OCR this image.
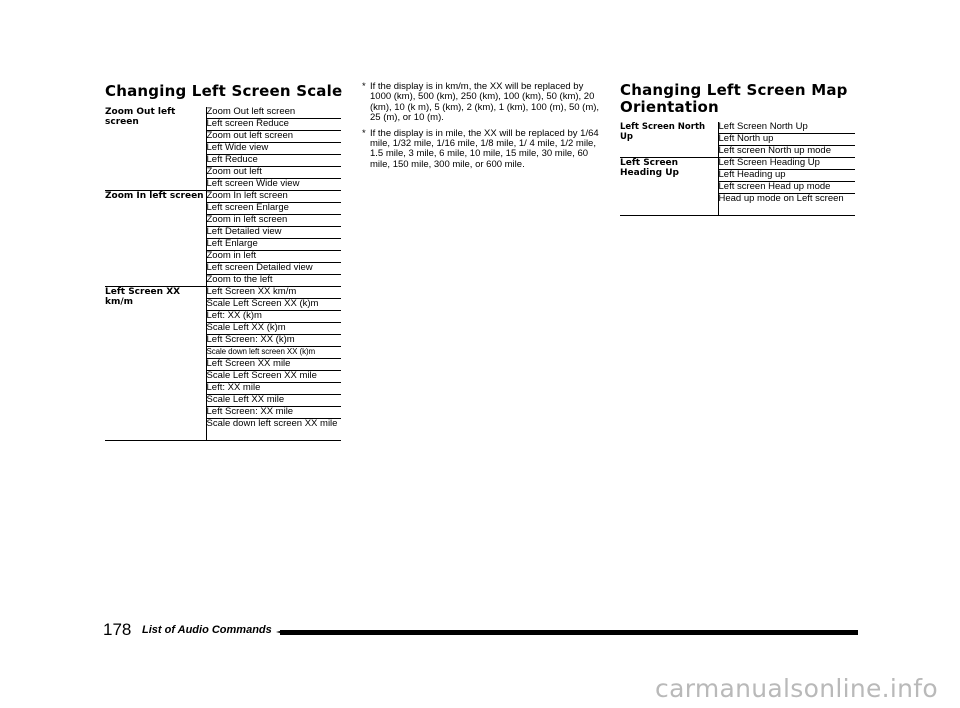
Changing Left Screen Scale
Zoom Out left screen	Zoom Out left screen
	Left screen Reduce
	Zoom out left screen
	Left Wide view
	Left Reduce
	Zoom out left
	Left screen Wide view
Zoom In left screen	Zoom In left screen
	Left screen Enlarge
	Zoom in left screen
	Left Detailed view
	Left Enlarge
	Zoom in left
	Left screen Detailed view
	Zoom to the left
Left Screen XX km/m	Left Screen XX km/m
	Scale Left Screen XX (k)m
	Left: XX (k)m
	Scale Left XX (k)m
	Left Screen: XX (k)m
	Scale down left screen XX (k)m
	Left Screen XX mile
	Scale Left Screen XX mile
	Left: XX mile
	Scale Left XX mile
	Left Screen: XX mile
	Scale down left screen XX mile
* If the display is in km/m, the XX will be replaced by 1000 (km), 500 (km), 250 (km), 100 (km), 50 (km), 20 (km), 10 (k m), 5 (km), 2 (km), 1 (km), 100 (m), 50 (m), 25 (m), or 10 (m).
* If the display is in mile, the XX will be replaced by 1/64 mile, 1/32 mile, 1/16 mile, 1/8 mile, 1/ 4 mile, 1/2 mile, 1.5 mile, 3 mile, 6 mile, 10 mile, 15 mile, 30 mile, 60 mile, 150 mile, 300 mile, or 600 mile.
Changing Left Screen Map Orientation
Left Screen North Up	Left Screen North Up
	Left North up
	Left screen North up mode
Left Screen Heading Up	Left Screen Heading Up
	Left Heading up
	Left screen Head up mode
	Head up mode on Left screen
178 List of Audio Commands
carmanualsonline.info
